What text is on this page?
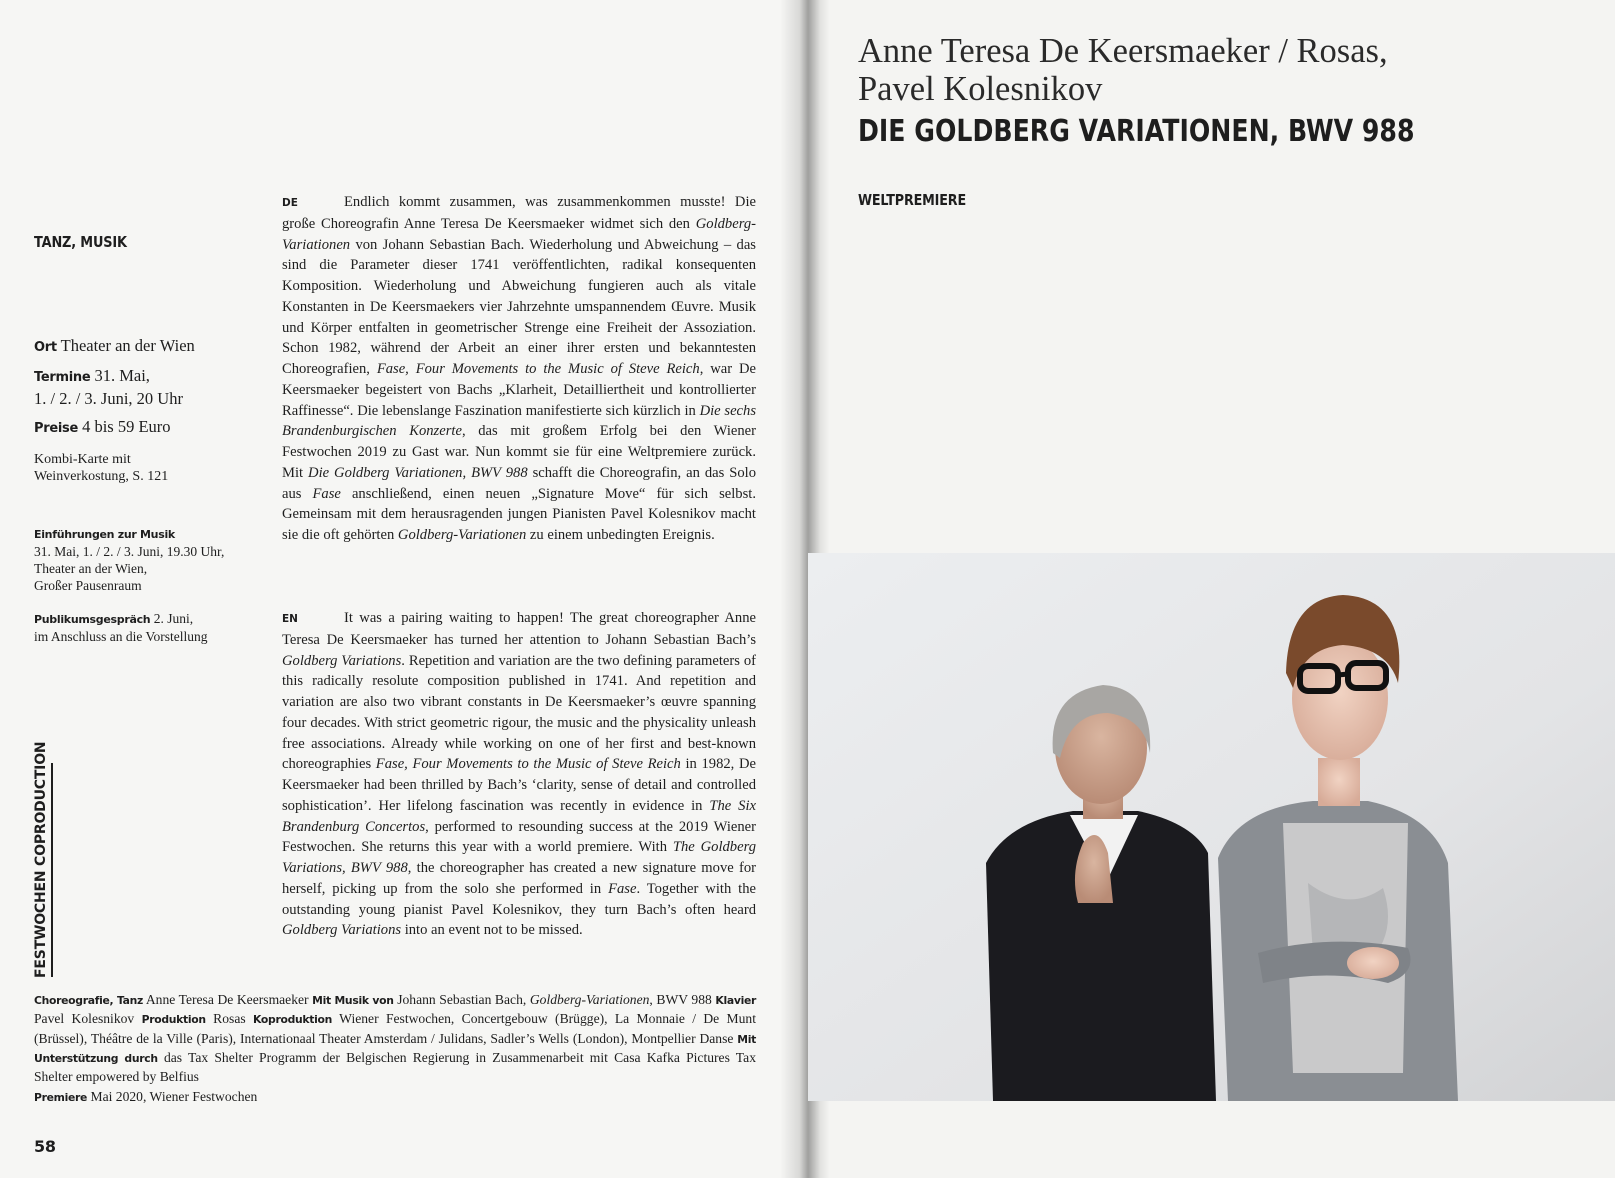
TANZ, MUSIK
Ort Theater an der Wien
Termine 31. Mai,
1. / 2. / 3. Juni, 20 Uhr
Preise 4 bis 59 Euro
Kombi-Karte mit
Weinverkostung, S. 121
Einführungen zur Musik
31. Mai, 1. / 2. / 3. Juni, 19.30 Uhr,
Theater an der Wien,
Großer Pausenraum
Publikumsgespräch 2. Juni,
im Anschluss an die Vorstellung
FESTWOCHEN COPRODUCTION
DE	Endlich kommt zusammen, was zusammenkommen musste! Die große Choreografin Anne Teresa De Keersmaeker widmet sich den Goldberg-Variationen von Johann Sebastian Bach. Wiederholung und Abweichung – das sind die Parameter dieser 1741 veröffentlichten, radikal konsequenten Komposition. Wiederholung und Abweichung fungieren auch als vitale Konstanten in De Keersmaekers vier Jahrzehnte umspannendem Œuvre. Musik und Körper entfalten in geometrischer Strenge eine Freiheit der Assoziation. Schon 1982, während der Arbeit an einer ihrer ersten und bekanntesten Choreografien, Fase, Four Movements to the Music of Steve Reich, war De Keersmaeker begeistert von Bachs „Klarheit, Detailliertheit und kontrollierter Raffinesse“. Die lebenslange Faszination manifestierte sich kürzlich in Die sechs Brandenburgischen Konzerte, das mit großem Erfolg bei den Wiener Festwochen 2019 zu Gast war. Nun kommt sie für eine Weltpremiere zurück. Mit Die Goldberg Variationen, BWV 988 schafft die Choreografin, an das Solo aus Fase anschließend, einen neuen „Signature Move“ für sich selbst. Gemeinsam mit dem herausragenden jungen Pianisten Pavel Kolesnikov macht sie die oft gehörten Goldberg-Variationen zu einem unbedingten Ereignis.
EN	It was a pairing waiting to happen! The great choreographer Anne Teresa De Keersmaeker has turned her attention to Johann Sebastian Bach’s Goldberg Variations. Repetition and variation are the two defining parameters of this radically resolute composition published in 1741. And repetition and variation are also two vibrant constants in De Keersmaeker’s œuvre spanning four decades. With strict geometric rigour, the music and the physicality unleash free associations. Already while working on one of her first and best-known choreographies Fase, Four Movements to the Music of Steve Reich in 1982, De Keersmaeker had been thrilled by Bach’s ‘clarity, sense of detail and controlled sophistication’. Her lifelong fascination was recently in evidence in The Six Brandenburg Concertos, performed to resounding success at the 2019 Wiener Festwochen. She returns this year with a world premiere. With The Goldberg Variations, BWV 988, the choreographer has created a new signature move for herself, picking up from the solo she performed in Fase. Together with the outstanding young pianist Pavel Kolesnikov, they turn Bach’s often heard Goldberg Variations into an event not to be missed.
Choreografie, Tanz Anne Teresa De Keersmaeker Mit Musik von Johann Sebastian Bach, Goldberg-Variationen, BWV 988 Klavier Pavel Kolesnikov Produktion Rosas Koproduktion Wiener Festwochen, Concertgebouw (Brügge), La Monnaie / De Munt (Brüssel), Théâtre de la Ville (Paris), Internationaal Theater Amsterdam / Julidans, Sadler’s Wells (London), Montpellier Danse Mit Unterstützung durch das Tax Shelter Programm der Belgischen Regierung in Zusammenarbeit mit Casa Kafka Pictures Tax Shelter empowered by Belfius
Premiere Mai 2020, Wiener Festwochen
58
Anne Teresa De Keersmaeker / Rosas,
Pavel Kolesnikov
DIE GOLDBERG VARIATIONEN, BWV 988
WELTPREMIERE
